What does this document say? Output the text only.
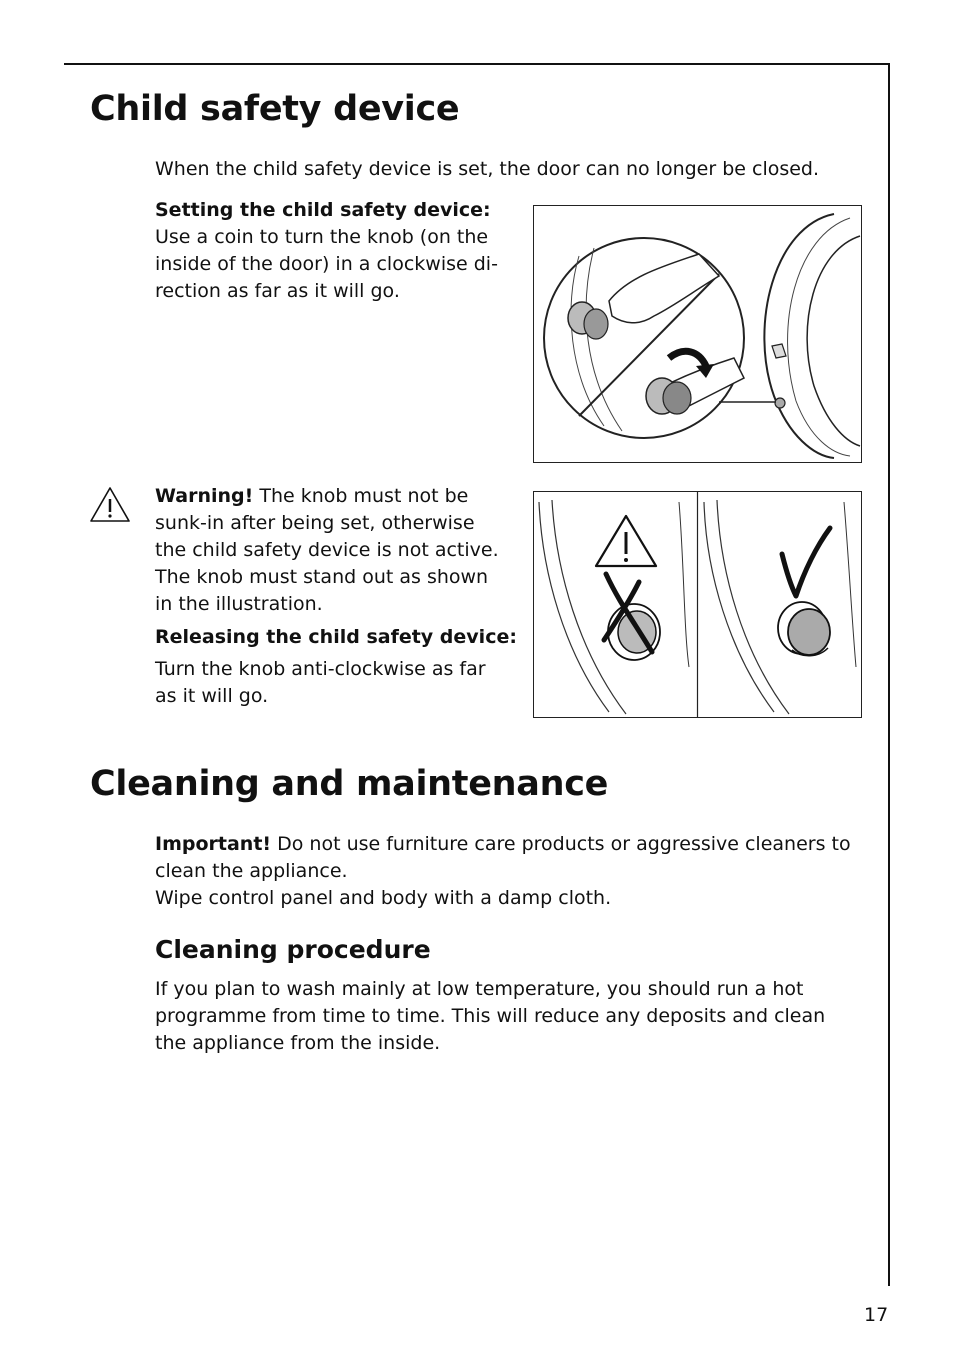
Child safety device

When the child safety device is set, the door can no longer be closed.

Setting the child safety device:
Use a coin to turn the knob (on the
inside of the door) in a clockwise di-
rection as far as it will go.
Warning! The knob must not be
sunk-in after being set, otherwise
the child safety device is not active.
The knob must stand out as shown
in the illustration.
Releasing the child safety device:
Turn the knob anti-clockwise as far
as it will go.
Cleaning and maintenance
Important! Do not use furniture care products or aggressive cleaners to
clean the appliance.
Wipe control panel and body with a damp cloth.
Cleaning procedure
If you plan to wash mainly at low temperature, you should run a hot
programme from time to time. This will reduce any deposits and clean
the appliance from the inside.
17
